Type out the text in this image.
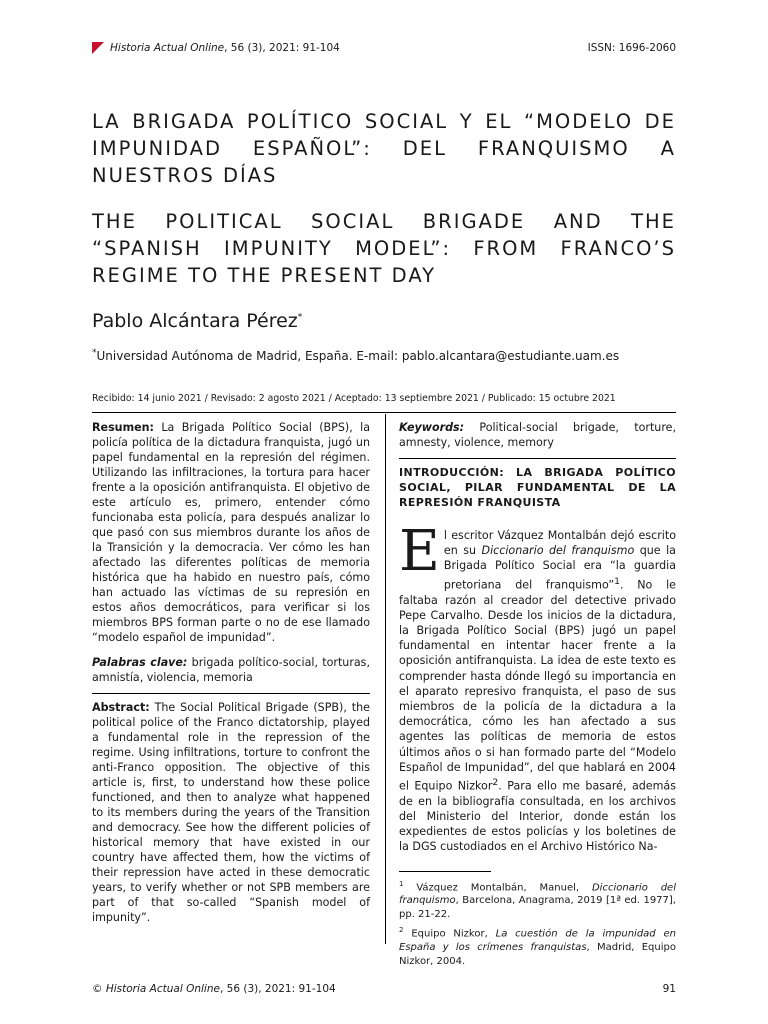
Historia Actual Online, 56 (3), 2021: 91-104	ISSN: 1696-2060
LA BRIGADA POLÍTICO SOCIAL Y EL “MODELO DE IMPUNIDAD ESPAÑOL”: DEL FRANQUISMO A NUESTROS DÍAS
THE POLITICAL SOCIAL BRIGADE AND THE “SPANISH IMPUNITY MODEL”: FROM FRANCO’S REGIME TO THE PRESENT DAY
Pablo Alcántara Pérez*
*Universidad Autónoma de Madrid, España. E-mail: pablo.alcantara@estudiante.uam.es
Recibido: 14 junio 2021 / Revisado: 2 agosto 2021 / Aceptado: 13 septiembre 2021 / Publicado: 15 octubre 2021

Resumen: La Brigada Político Social (BPS), la policía política de la dictadura franquista, jugó un papel fundamental en la represión del régimen. Utilizando las infiltraciones, la tortura para hacer frente a la oposición antifranquista. El objetivo de este artículo es, primero, entender cómo funcionaba esta policía, para después analizar lo que pasó con sus miembros durante los años de la Transición y la democracia. Ver cómo les han afectado las diferentes políticas de memoria histórica que ha habido en nuestro país, cómo han actuado las víctimas de su represión en estos años democráticos, para verificar si los miembros BPS forman parte o no de ese llamado “modelo español de impunidad”.

Palabras clave: brigada político-social, torturas, amnistía, violencia, memoria

Abstract: The Social Political Brigade (SPB), the political police of the Franco dictatorship, played a fundamental role in the repression of the regime. Using infiltrations, torture to confront the anti-Franco opposition. The objective of this article is, first, to understand how these police functioned, and then to analyze what happened to its members during the years of the Transition and democracy. See how the different policies of historical memory that have existed in our country have affected them, how the victims of their repression have acted in these democratic years, to verify whether or not SPB members are part of that so-called “Spanish model of impunity”.

Keywords: Political-social brigade, torture, amnesty, violence, memory

INTRODUCCIÓN: LA BRIGADA POLÍTICO SOCIAL, PILAR FUNDAMENTAL DE LA REPRESIÓN FRANQUISTA

El escritor Vázquez Montalbán dejó escrito en su Diccionario del franquismo que la Brigada Político Social era “la guardia pretoriana del franquismo”$^1$. No le faltaba razón al creador del detective privado Pepe Carvalho. Desde los inicios de la dictadura, la Brigada Político Social (BPS) jugó un papel fundamental en intentar hacer frente a la oposición antifranquista. La idea de este texto es comprender hasta dónde llegó su importancia en el aparato represivo franquista, el paso de sus miembros de la policía de la dictadura a la democrática, cómo les han afectado a sus agentes las políticas de memoria de estos últimos años o si han formado parte del “Modelo Español de Impunidad”, del que hablará en 2004 el Equipo Nizkor$^2$. Para ello me basaré, además de en la bibliografía consultada, en los archivos del Ministerio del Interior, donde están los expedientes de estos policías y los boletines de la DGS custodiados en el Archivo Histórico Na-

$^1$ Vázquez Montalbán, Manuel, Diccionario del franquismo, Barcelona, Anagrama, 2019 [1ª ed. 1977], pp. 21-22.

$^2$ Equipo Nizkor, La cuestión de la impunidad en España y los crímenes franquistas, Madrid, Equipo Nizkor, 2004.

© Historia Actual Online, 56 (3), 2021: 91-104	91
